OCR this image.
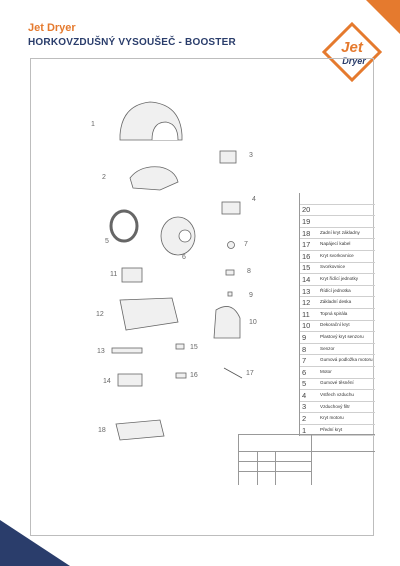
Jet Dryer
HORKOVZDUŠNÝ VYSOUŠEČ - BOOSTER	Jet
Dryer
1
2
3
4
5
6
7
8
9
10
11
12
13
14
15
16	17
18
20
19
18	Zadní kryt základny
17	Napájecí kabel
16	Kryt svorkovnice
15	Svorkovnice
14	Kryt řídící jednotky
13	Řídící jednotka
12	Základní deska
11	Topná spirála
10	Dekorační kryt
9	Plastový kryt senzoru
8	Senzor
7	Gumová podložka motoru
6	Motor
5	Gumové těsnění
4	Vstřech vzduchu
3	Vzduchový filtr
2	Kryt motoru
1	Přední kryt
